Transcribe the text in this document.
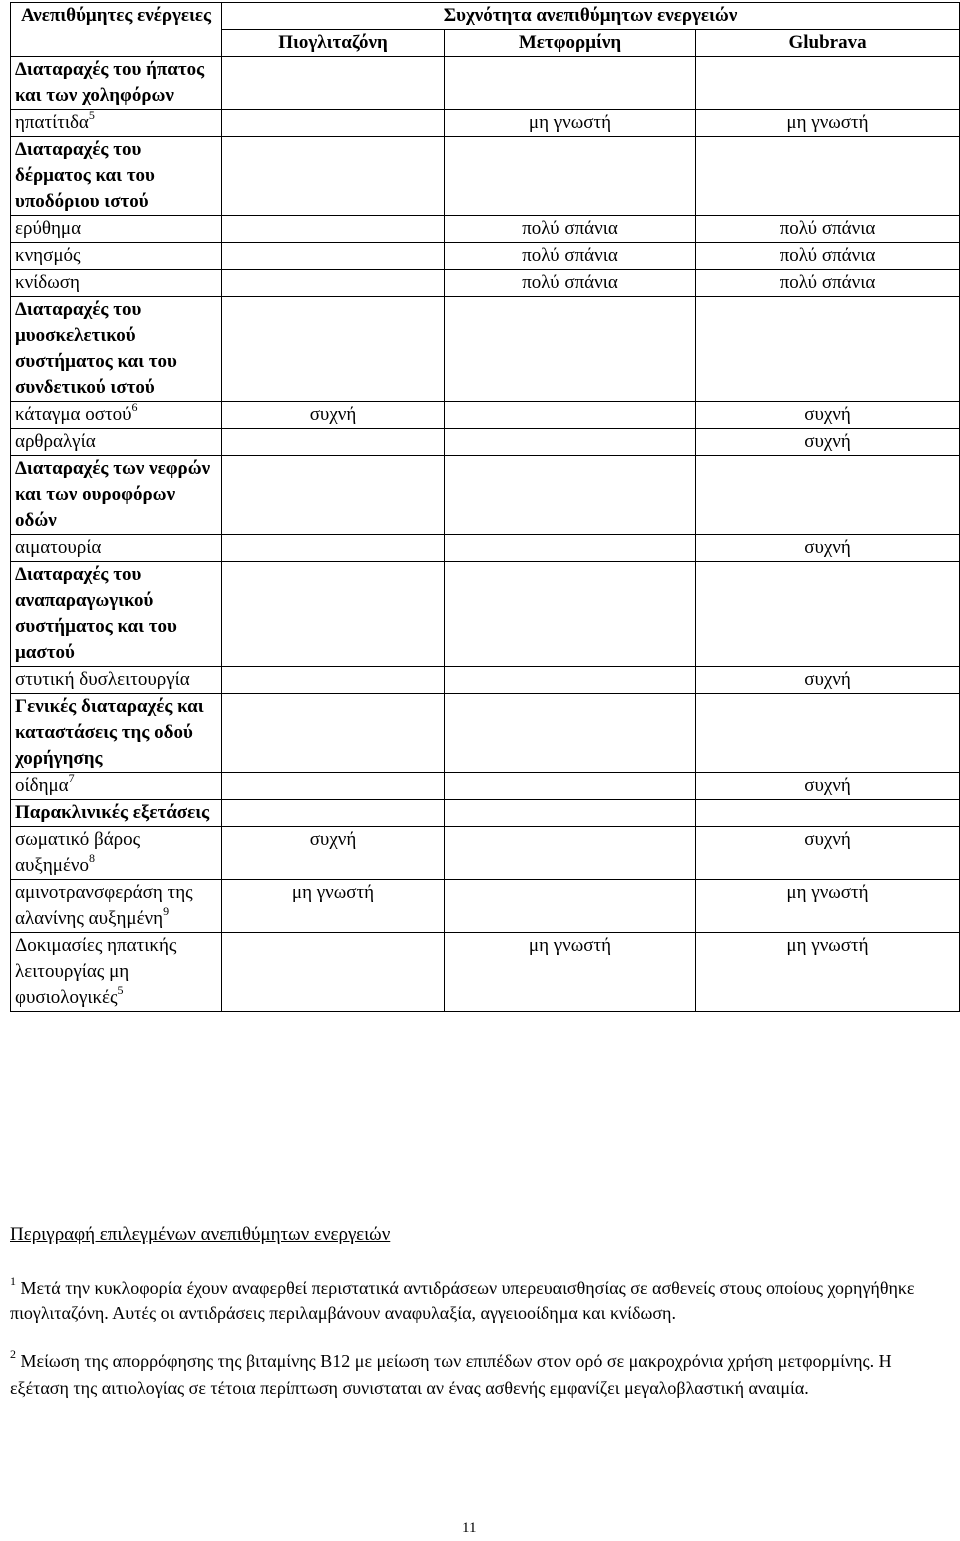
Ανεπιθύμητες ενέργειες	Συχνότητα ανεπιθύμητων ενεργειών		
	Πιογλιταζόνη	Μετφορμίνη	Glubrava
Διαταραχές του ήπατος και των χοληφόρων			
ηπατίτιδα$^5$		μη γνωστή	μη γνωστή
Διαταραχές του δέρματος και του υποδόριου ιστού			
ερύθημα		πολύ σπάνια	πολύ σπάνια
κνησμός		πολύ σπάνια	πολύ σπάνια
κνίδωση		πολύ σπάνια	πολύ σπάνια
Διαταραχές του μυοσκελετικού συστήματος και του συνδετικού ιστού			
κάταγμα οστού$^6$	συχνή		συχνή
αρθραλγία			συχνή
Διαταραχές των νεφρών και των ουροφόρων οδών			
αιματουρία			συχνή
Διαταραχές του αναπαραγωγικού συστήματος και του μαστού			
στυτική δυσλειτουργία			συχνή
Γενικές διαταραχές και καταστάσεις της οδού χορήγησης			
οίδημα$^7$			συχνή
Παρακλινικές εξετάσεις			
σωματικό βάρος αυξημένο$^8$	συχνή		συχνή
αμινοτρανσφεράση της αλανίνης αυξημένη$^9$	μη γνωστή		μη γνωστή
Δοκιμασίες ηπατικής λειτουργίας μη φυσιολογικές$^5$		μη γνωστή	μη γνωστή
Περιγραφή επιλεγμένων ανεπιθύμητων ενεργειών
$^1$ Μετά την κυκλοφορία έχουν αναφερθεί περιστατικά αντιδράσεων υπερευαισθησίας σε ασθενείς στους οποίους χορηγήθηκε πιογλιταζόνη. Αυτές οι αντιδράσεις περιλαμβάνουν αναφυλαξία, αγγειοοίδημα και κνίδωση.
$^2$ Μείωση της απορρόφησης της βιταμίνης B12 με μείωση των επιπέδων στον ορό σε μακροχρόνια χρήση μετφορμίνης. Η εξέταση της αιτιολογίας σε τέτοια περίπτωση συνισταται αν ένας ασθενής εμφανίζει μεγαλοβλαστική αναιμία.
11
